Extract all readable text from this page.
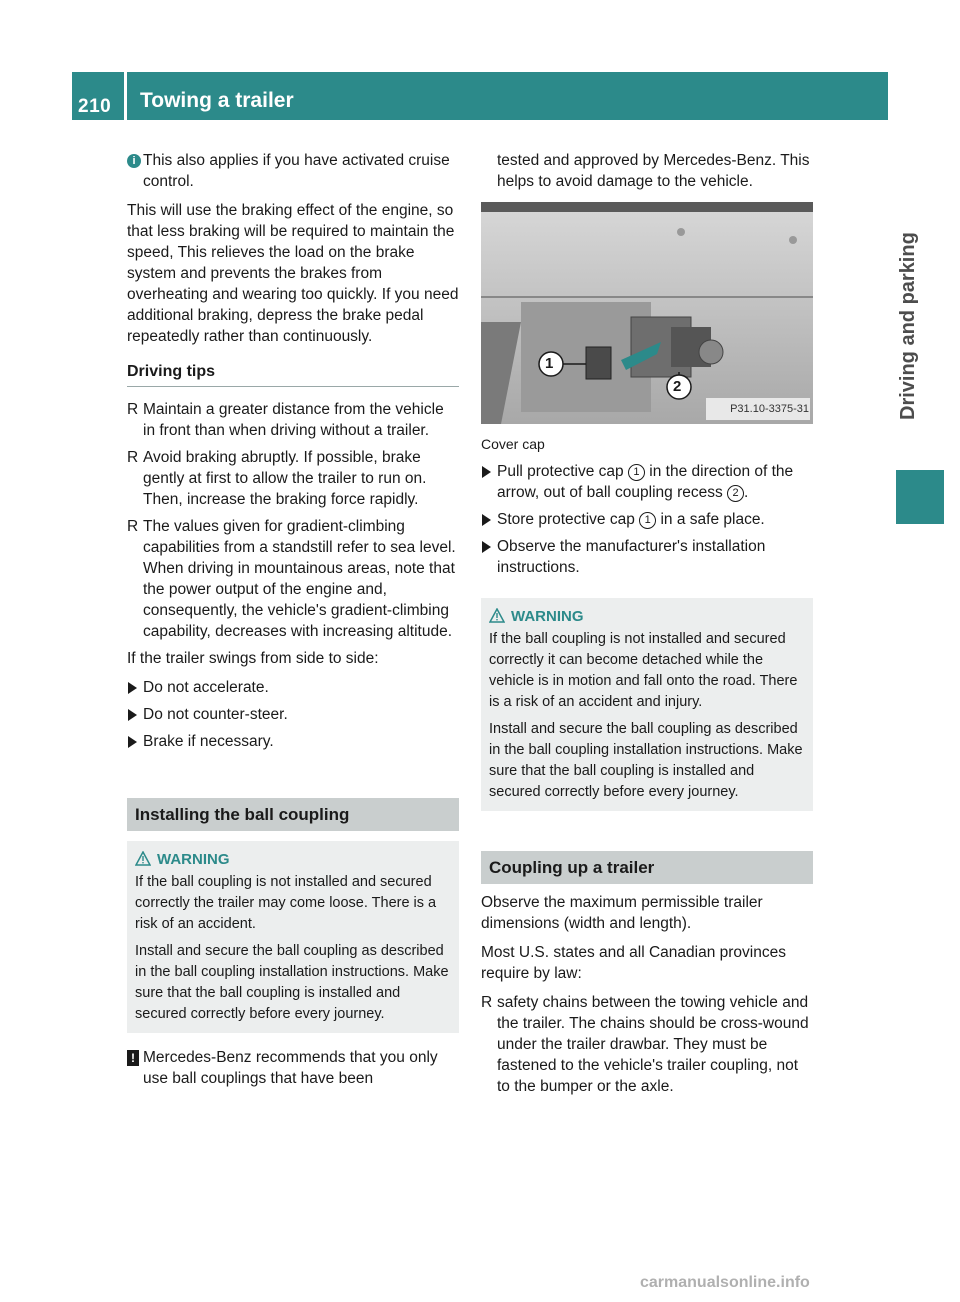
210 Towing a trailer
Driving and parking
i This also applies if you have activated cruise control.

This will use the braking effect of the engine, so that less braking will be required to maintain the speed, This relieves the load on the brake system and prevents the brakes from overheating and wearing too quickly. If you need additional braking, depress the brake pedal repeatedly rather than continuously.

Driving tips
R Maintain a greater distance from the vehicle in front than when driving without a trailer.
R Avoid braking abruptly. If possible, brake gently at first to allow the trailer to run on. Then, increase the braking force rapidly.
R The values given for gradient-climbing capabilities from a standstill refer to sea level. When driving in mountainous areas, note that the power output of the engine and, consequently, the vehicle's gradient-climbing capability, decreases with increasing altitude.

If the trailer swings from side to side:

Do not accelerate.
Do not counter-steer.
Brake if necessary.
Installing the ball coupling
WARNING

If the ball coupling is not installed and secured correctly the trailer may come loose. There is a risk of an accident.

Install and secure the ball coupling as described in the ball coupling installation instructions. Make sure that the ball coupling is installed and secured correctly before every journey.

! Mercedes-Benz recommends that you only use ball couplings that have been

tested and approved by Mercedes-Benz. This helps to avoid damage to the vehicle.

1
2
P31.10-3375-31
Cover cap
Pull protective cap 1 in the direction of the arrow, out of ball coupling recess 2 .
Store protective cap 1 in a safe place.
Observe the manufacturer's installation instructions.
WARNING

If the ball coupling is not installed and secured correctly it can become detached while the vehicle is in motion and fall onto the road. There is a risk of an accident and injury.

Install and secure the ball coupling as described in the ball coupling installation instructions. Make sure that the ball coupling is installed and secured correctly before every journey.

Coupling up a trailer

Observe the maximum permissible trailer dimensions (width and length).

Most U.S. states and all Canadian provinces require by law:

R safety chains between the towing vehicle and the trailer. The chains should be cross-wound under the trailer drawbar. They must be fastened to the vehicle's trailer coupling, not to the bumper or the axle.
carmanualsonline.info
